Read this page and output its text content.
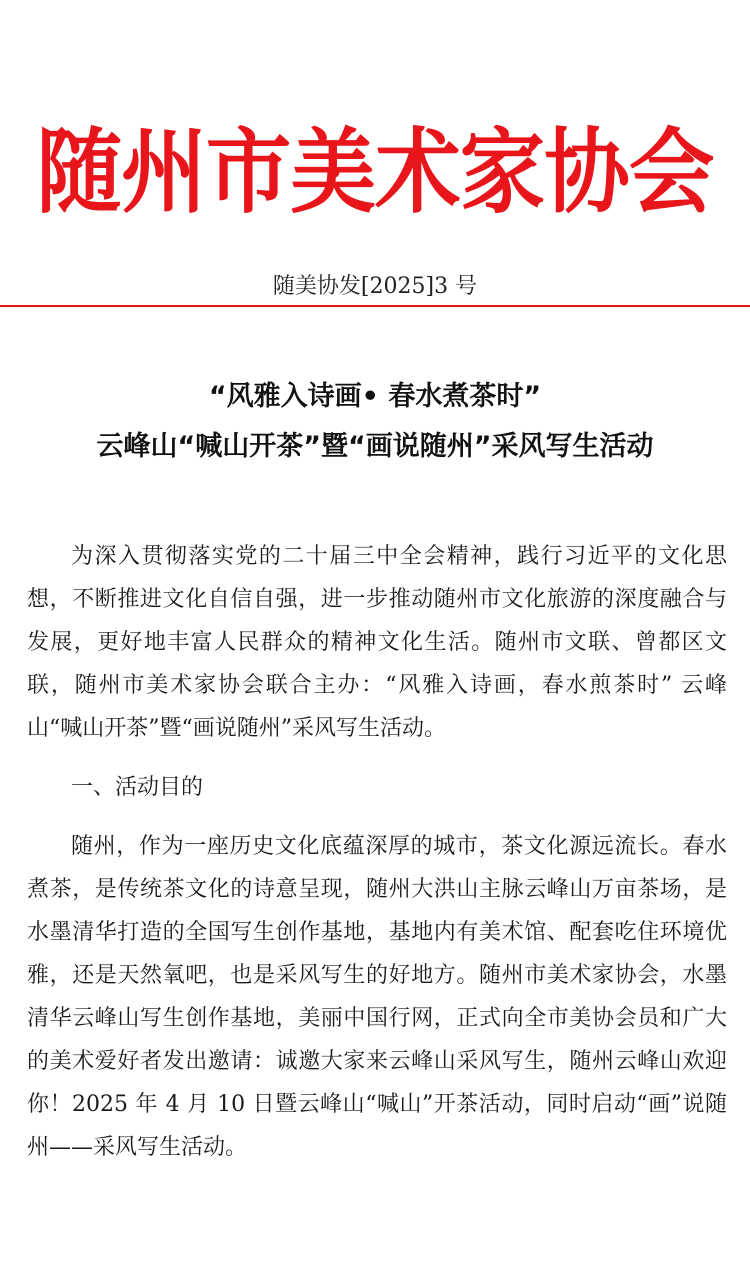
随州市美术家协会
随美协发[2025]3 号
“风雅入诗画• 春水煮茶时”
云峰山“喊山开茶”暨“画说随州”采风写生活动

为深入贯彻落实党的二十届三中全会精神，践行习近平的文化思想，不断推进文化自信自强，进一步推动随州市文化旅游的深度融合与发展，更好地丰富人民群众的精神文化生活。随州市文联、曾都区文联，随州市美术家协会联合主办：“风雅入诗画，春水煎茶时” 云峰山“喊山开茶”暨“画说随州”采风写生活动。

一、活动目的

随州，作为一座历史文化底蕴深厚的城市，茶文化源远流长。春水煮茶，是传统茶文化的诗意呈现，随州大洪山主脉云峰山万亩茶场，是水墨清华打造的全国写生创作基地，基地内有美术馆、配套吃住环境优雅，还是天然氧吧，也是采风写生的好地方。随州市美术家协会，水墨清华云峰山写生创作基地，美丽中国行网，正式向全市美协会员和广大的美术爱好者发出邀请：诚邀大家来云峰山采风写生，随州云峰山欢迎你！2025 年 4 月 10 日暨云峰山“喊山”开茶活动，同时启动“画”说随州——采风写生活动。
